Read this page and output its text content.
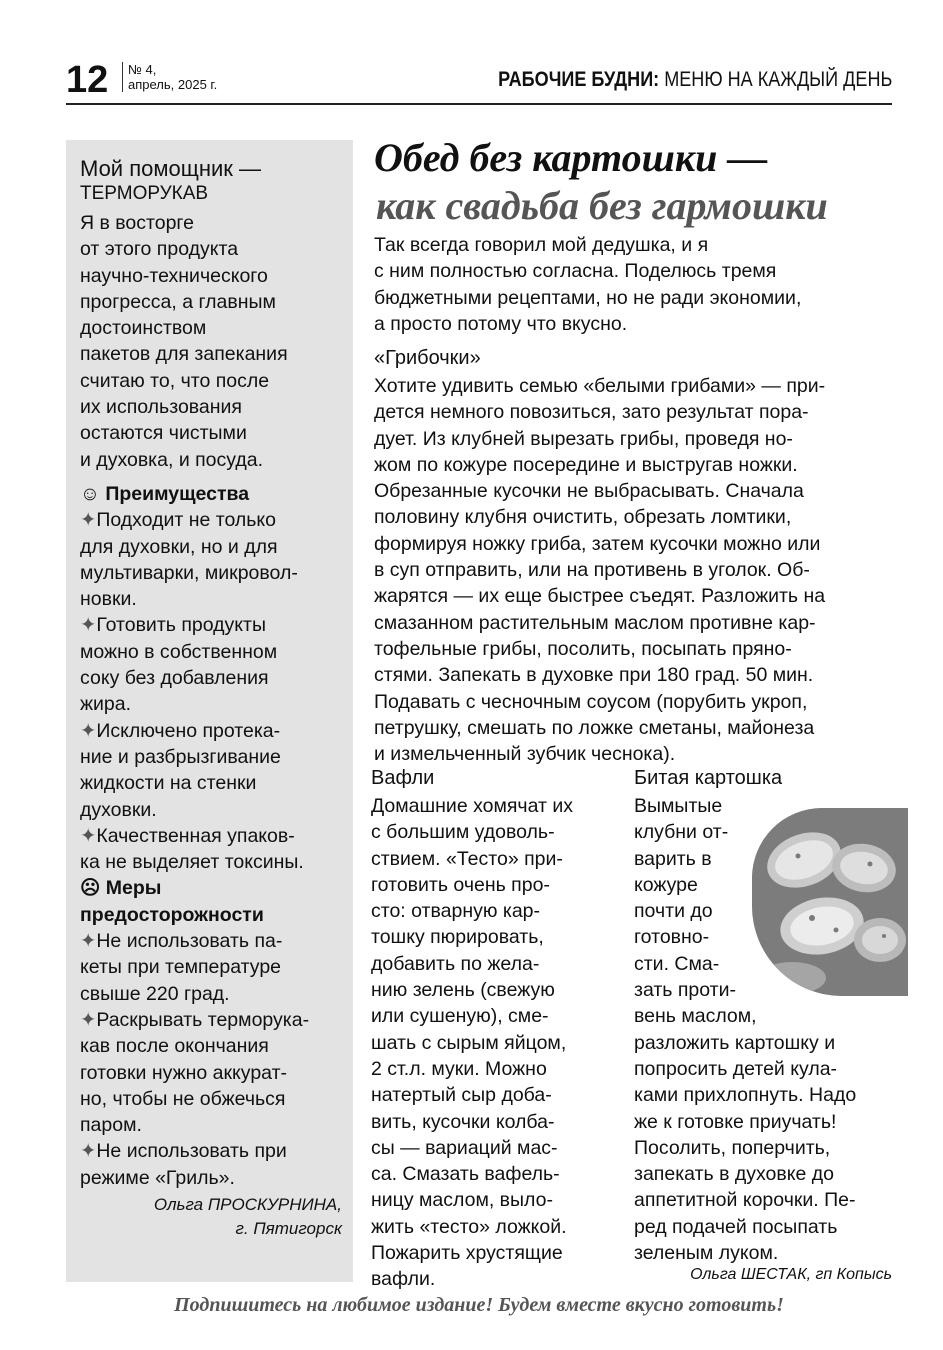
12 № 4,
апрель, 2025 г.	РАБОЧИЕ БУДНИ: МЕНЮ НА КАЖДЫЙ ДЕНЬ
Мой помощник —
ТЕРМОРУКАВ
Я в восторге
от этого продукта
научно-технического
прогресса, а главным
достоинством
пакетов для запекания
считаю то, что после
их использования
остаются чистыми
и духовка, и посуда.
☺ Преимущества
✦Подходит не только
для духовки, но и для
мультиварки, микровол-
новки.
✦Готовить продукты
можно в собственном
соку без добавления
жира.
✦Исключено протека-
ние и разбрызгивание
жидкости на стенки
духовки.
✦Качественная упаков-
ка не выделяет токсины.
☹ Меры
предосторожности
✦Не использовать па-
кеты при температуре
свыше 220 град.
✦Раскрывать терморука-
кав после окончания
готовки нужно аккурат-
но, чтобы не обжечься
паром.
✦Не использовать при
режиме «Гриль».
Ольга ПРОСКУРНИНА,
г. Пятигорск
Обед без картошки —
как свадьба без гармошки
Так всегда говорил мой дедушка, и я
с ним полностью согласна. Поделюсь тремя
бюджетными рецептами, но не ради экономии,
а просто потому что вкусно.
«Грибочки»
Хотите удивить семью «белыми грибами» — при-
дется немного повозиться, зато результат пора-
дует. Из клубней вырезать грибы, проведя но-
жом по кожуре посередине и выстругав ножки.
Обрезанные кусочки не выбрасывать. Сначала
половину клубня очистить, обрезать ломтики,
формируя ножку гриба, затем кусочки можно или
в суп отправить, или на противень в уголок. Об-
жарятся — их еще быстрее съедят. Разложить на
смазанном растительным маслом противне кар-
тофельные грибы, посолить, посыпать пряно-
стями. Запекать в духовке при 180 град. 50 мин.
Подавать с чесночным соусом (порубить укроп,
петрушку, смешать по ложке сметаны, майонеза
и измельченный зубчик чеснока).
Вафли
Домашние хомячат их
с большим удоволь-
ствием. «Тесто» при-
готовить очень про-
сто: отварную кар-
тошку пюрировать,
добавить по жела-
нию зелень (свежую
или сушеную), сме-
шать с сырым яйцом,
2 ст.л. муки. Можно
натертый сыр доба-
вить, кусочки колба-
сы — вариаций мас-
са. Смазать вафель-
ницу маслом, выло-
жить «тесто» ложкой.
Пожарить хрустящие
вафли.
Битая картошка
Вымытые
клубни от-
варить в
кожуре
почти до
готовно-
сти. Сма-
зать проти-
вень маслом,
разложить картошку и
попросить детей кула-
ками прихлопнуть. Надо
же к готовке приучать!
Посолить, поперчить,
запекать в духовке до
аппетитной корочки. Пе-
ред подачей посыпать
зеленым луком.
Ольга ШЕСТАК, гп Копысь
Подпишитесь на любимое издание! Будем вместе вкусно готовить!
